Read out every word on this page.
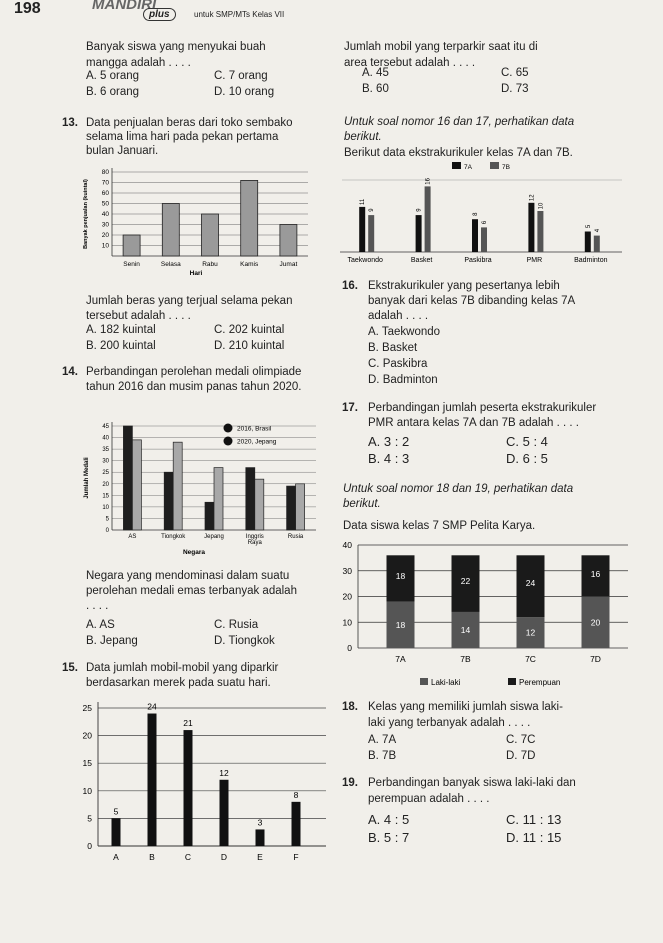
198	MANDIRI
plus	untuk SMP/MTs Kelas VII
Banyak siswa yang menyukai buah
mangga adalah . . . .
A. 5 orang	C. 7 orang
B. 6 orang	D. 10 orang
13. Data penjualan beras dari toko sembako
selama lima hari pada pekan pertama
bulan Januari.
10
20
30
40
50
60
70
80
Senin	Selasa	Rabu	Kamis	Jumat
Hari
Banyak penjualan (kuintal)
Jumlah beras yang terjual selama pekan
tersebut adalah . . . .
A. 182 kuintal	C. 202 kuintal
B. 200 kuintal	D. 210 kuintal
14. Perbandingan perolehan medali olimpiade
tahun 2016 dan musim panas tahun 2020.
5
10
15
20
25
30
35
40
45
0
AS	Tiongkok	Jepang	Inggris
Raya
Rusia
Negara
Jumlah Medali
2016, Brasil
2020, Jepang
Negara yang mendominasi dalam suatu
perolehan medali emas terbanyak adalah
. . . .
A. AS	C. Rusia
B. Jepang	D. Tiongkok
15. Data jumlah mobil-mobil yang diparkir
berdasarkan merek pada suatu hari.
0
5
10
15
20
25
5
A
24
B
21
C
12
D
3
E
8
F
Jumlah mobil yang terparkir saat itu di
area tersebut adalah . . . .
A. 45	C. 65
B. 60	D. 73
Untuk soal nomor 16 dan 17, perhatikan data
berikut.
Berikut data ekstrakurikuler kelas 7A dan 7B.
7A	7B
11
9
Taekwondo
9
16
Basket
8
6
Paskibra
12
10
PMR
5
4
Badminton
16. Ekstrakurikuler yang pesertanya lebih
banyak dari kelas 7B dibanding kelas 7A
adalah . . . .
A. Taekwondo
B. Basket
C. Paskibra
D. Badminton
17. Perbandingan jumlah peserta ekstrakurikuler
PMR antara kelas 7A dan 7B adalah . . . .
A. 3 : 2	C. 5 : 4
B. 4 : 3	D. 6 : 5
Untuk soal nomor 18 dan 19, perhatikan data
berikut.
Data siswa kelas 7 SMP Pelita Karya.
0
10
20
30
40
18
18
7A
14
22
7B
12
24
7C
20
16
7D
Laki-laki	Perempuan
18. Kelas yang memiliki jumlah siswa laki-
laki yang terbanyak adalah . . . .
A. 7A	C. 7C
B. 7B	D. 7D
19. Perbandingan banyak siswa laki-laki dan
perempuan adalah . . . .
A. 4 : 5	C. 11 : 13
B. 5 : 7	D. 11 : 15
